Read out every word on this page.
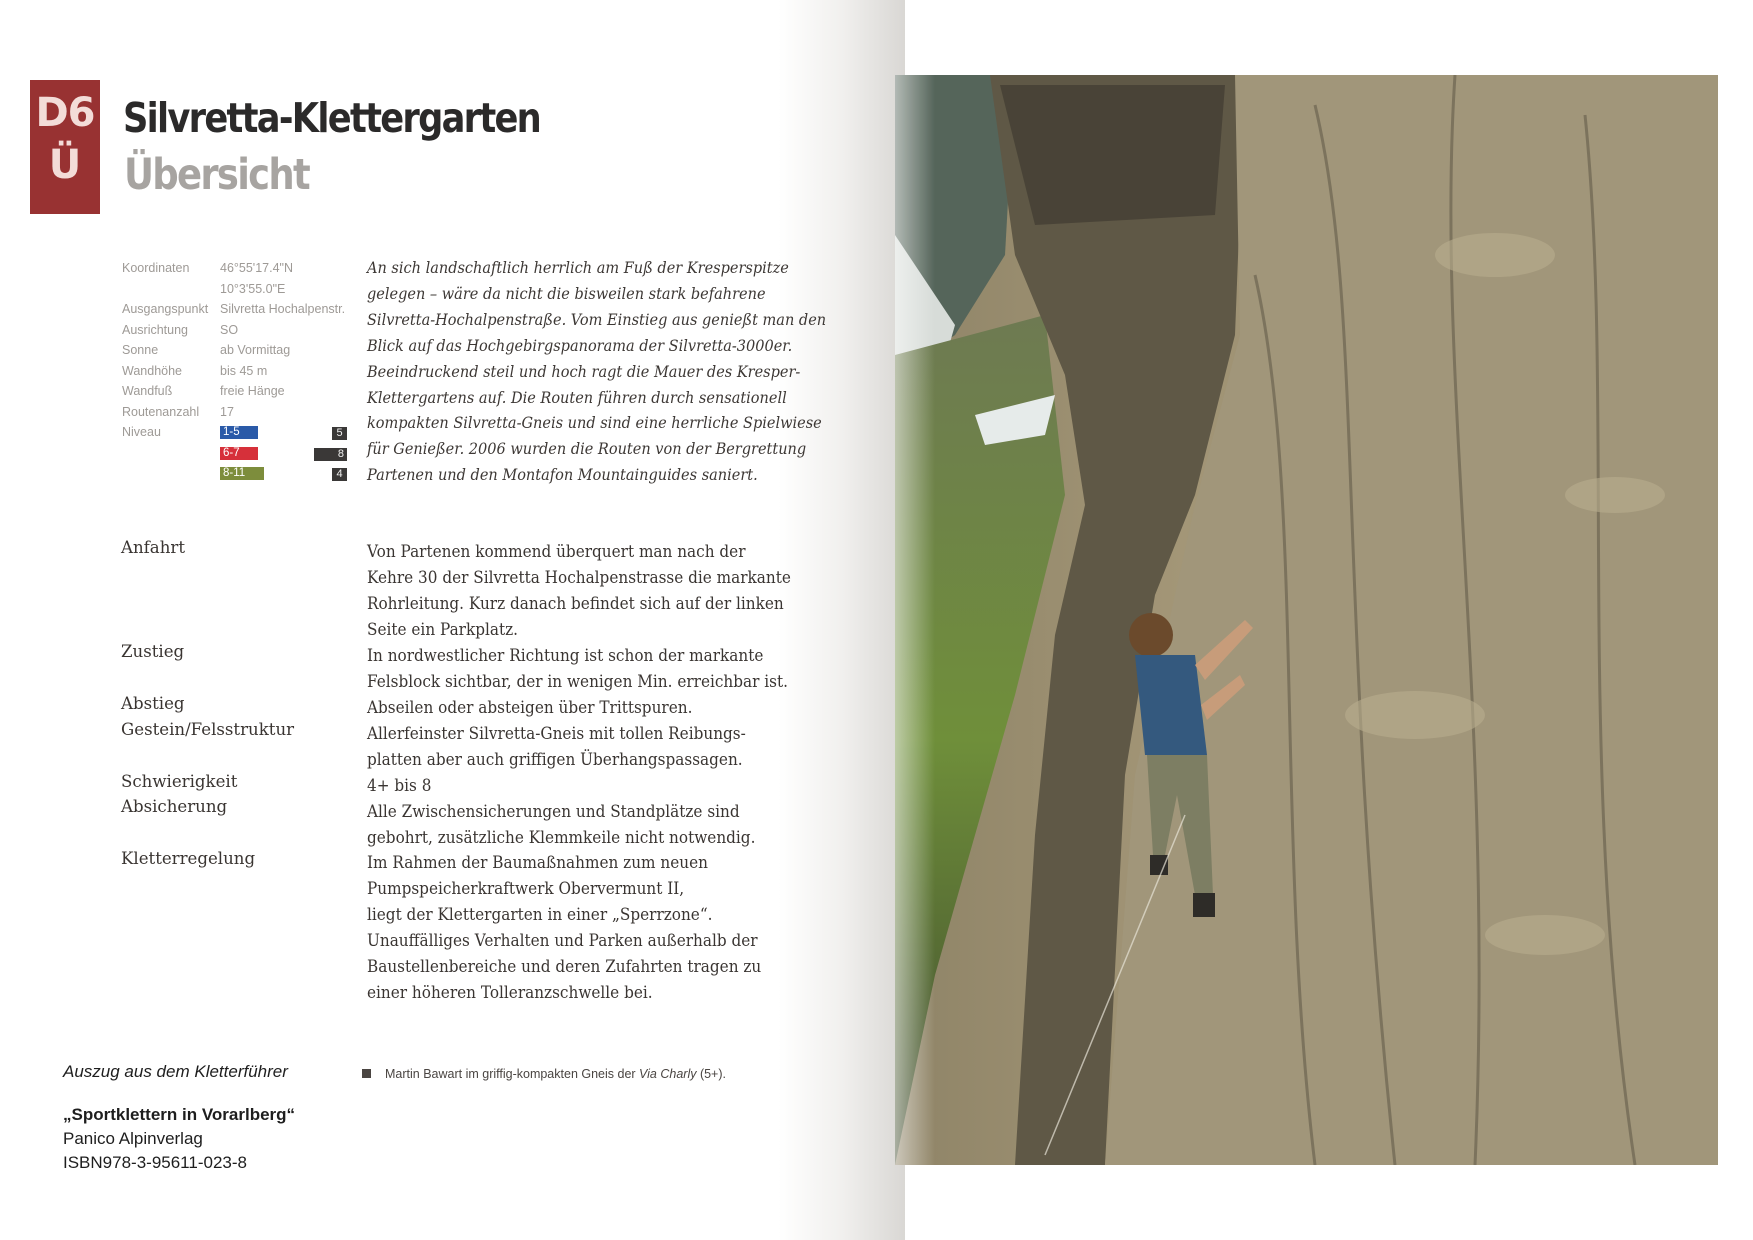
D6
Ü
Silvretta-Klettergarten
Übersicht
Koordinaten	46°55'17.4"N
10°3'55.0"E
Ausgangspunkt Silvretta Hochalpenstr.
Ausrichtung	SO
Sonne	ab Vormittag
Wandhöhe	bis 45 m
Wandfuß	freie Hänge
Routenanzahl	17
Niveau	1-5	5
6-7	8
8-11	4
An sich landschaftlich herrlich am Fuß der Kresperspitze
gelegen – wäre da nicht die bisweilen stark befahrene
Silvretta-Hochalpenstraße. Vom Einstieg aus genießt man den
Blick auf das Hochgebirgspanorama der Silvretta-3000er.
Beeindruckend steil und hoch ragt die Mauer des Kresper-
Klettergartens auf. Die Routen führen durch sensationell
kompakten Silvretta-Gneis und sind eine herrliche Spielwiese
für Genießer. 2006 wurden die Routen von der Bergrettung
Partenen und den Montafon Mountainguides saniert.
Anfahrt	Von Partenen kommend überquert man nach der
Kehre 30 der Silvretta Hochalpenstrasse die markante
Rohrleitung. Kurz danach befindet sich auf der linken
Seite ein Parkplatz.
Zustieg	In nordwestlicher Richtung ist schon der markante
Felsblock sichtbar, der in wenigen Min. erreichbar ist.
Abstieg	Abseilen oder absteigen über Trittspuren.
Gestein/Felsstruktur	Allerfeinster Silvretta-Gneis mit tollen Reibungs-
platten aber auch griffigen Überhangspassagen.
Schwierigkeit	4+ bis 8
Absicherung	Alle Zwischensicherungen und Standplätze sind
gebohrt, zusätzliche Klemmkeile nicht notwendig.
Kletterregelung	Im Rahmen der Baumaßnahmen zum neuen
Pumpspeicherkraftwerk Obervermunt II,
liegt der Klettergarten in einer „Sperrzone“.
Unauffälliges Verhalten und Parken außerhalb der
Baustellenbereiche und deren Zufahrten tragen zu
einer höheren Tolleranzschwelle bei.
Martin Bawart im griffig-kompakten Gneis der Via Charly (5+).
Auszug aus dem Kletterführer
„Sportklettern in Vorarlberg“
Panico Alpinverlag
ISBN978-3-95611-023-8
